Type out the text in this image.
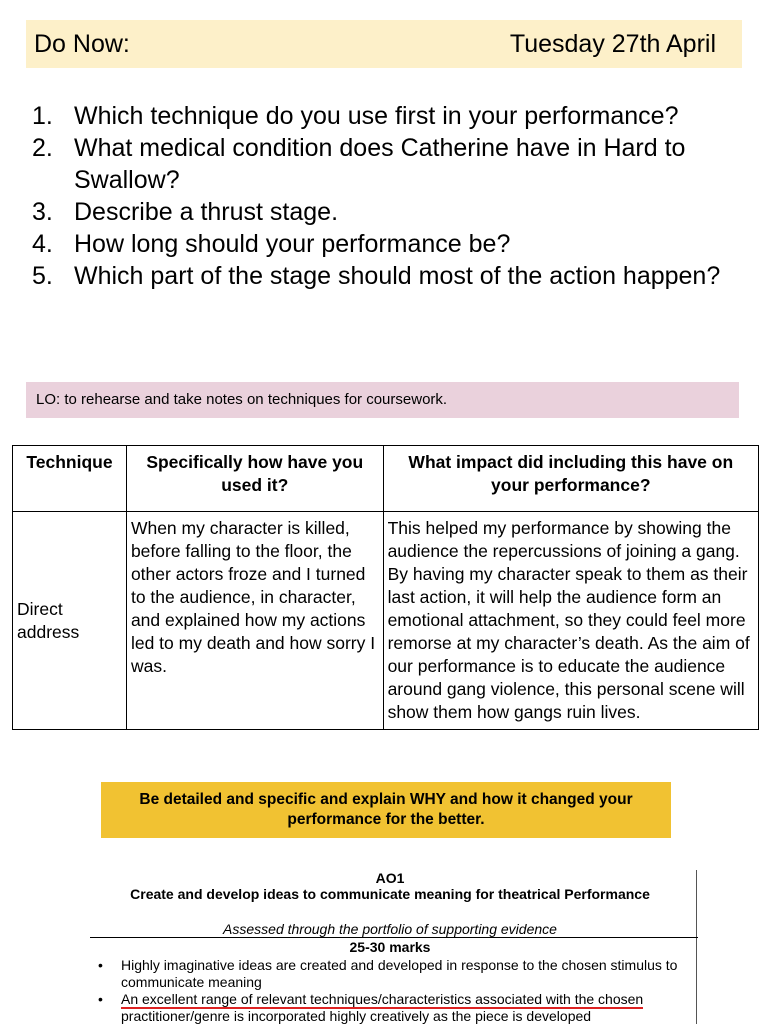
Do Now:	Tuesday 27th April
1. Which technique do you use first in your performance?
2. What medical condition does Catherine have in Hard to Swallow?
3. Describe a thrust stage.
4. How long should your performance be?
5. Which part of the stage should most of the action happen?
LO: to rehearse and take notes on techniques for coursework.
Technique	Specifically how have you used it?	What impact did including this have on your performance?
Direct address	When my character is killed, before falling to the floor, the other actors froze and I turned to the audience, in character, and explained how my actions led to my death and how sorry I was.	This helped my performance by showing the audience the repercussions of joining a gang. By having my character speak to them as their last action, it will help the audience form an emotional attachment, so they could feel more remorse at my character’s death. As the aim of our performance is to educate the audience around gang violence, this personal scene will show them how gangs ruin lives.
Be detailed and specific and explain WHY and how it changed your performance for the better.
AO1
Create and develop ideas to communicate meaning for theatrical Performance
Assessed through the portfolio of supporting evidence
25-30 marks
• Highly imaginative ideas are created and developed in response to the chosen stimulus to communicate meaning
• An excellent range of relevant techniques/characteristics associated with the chosen practitioner/genre is incorporated highly creatively as the piece is developed
